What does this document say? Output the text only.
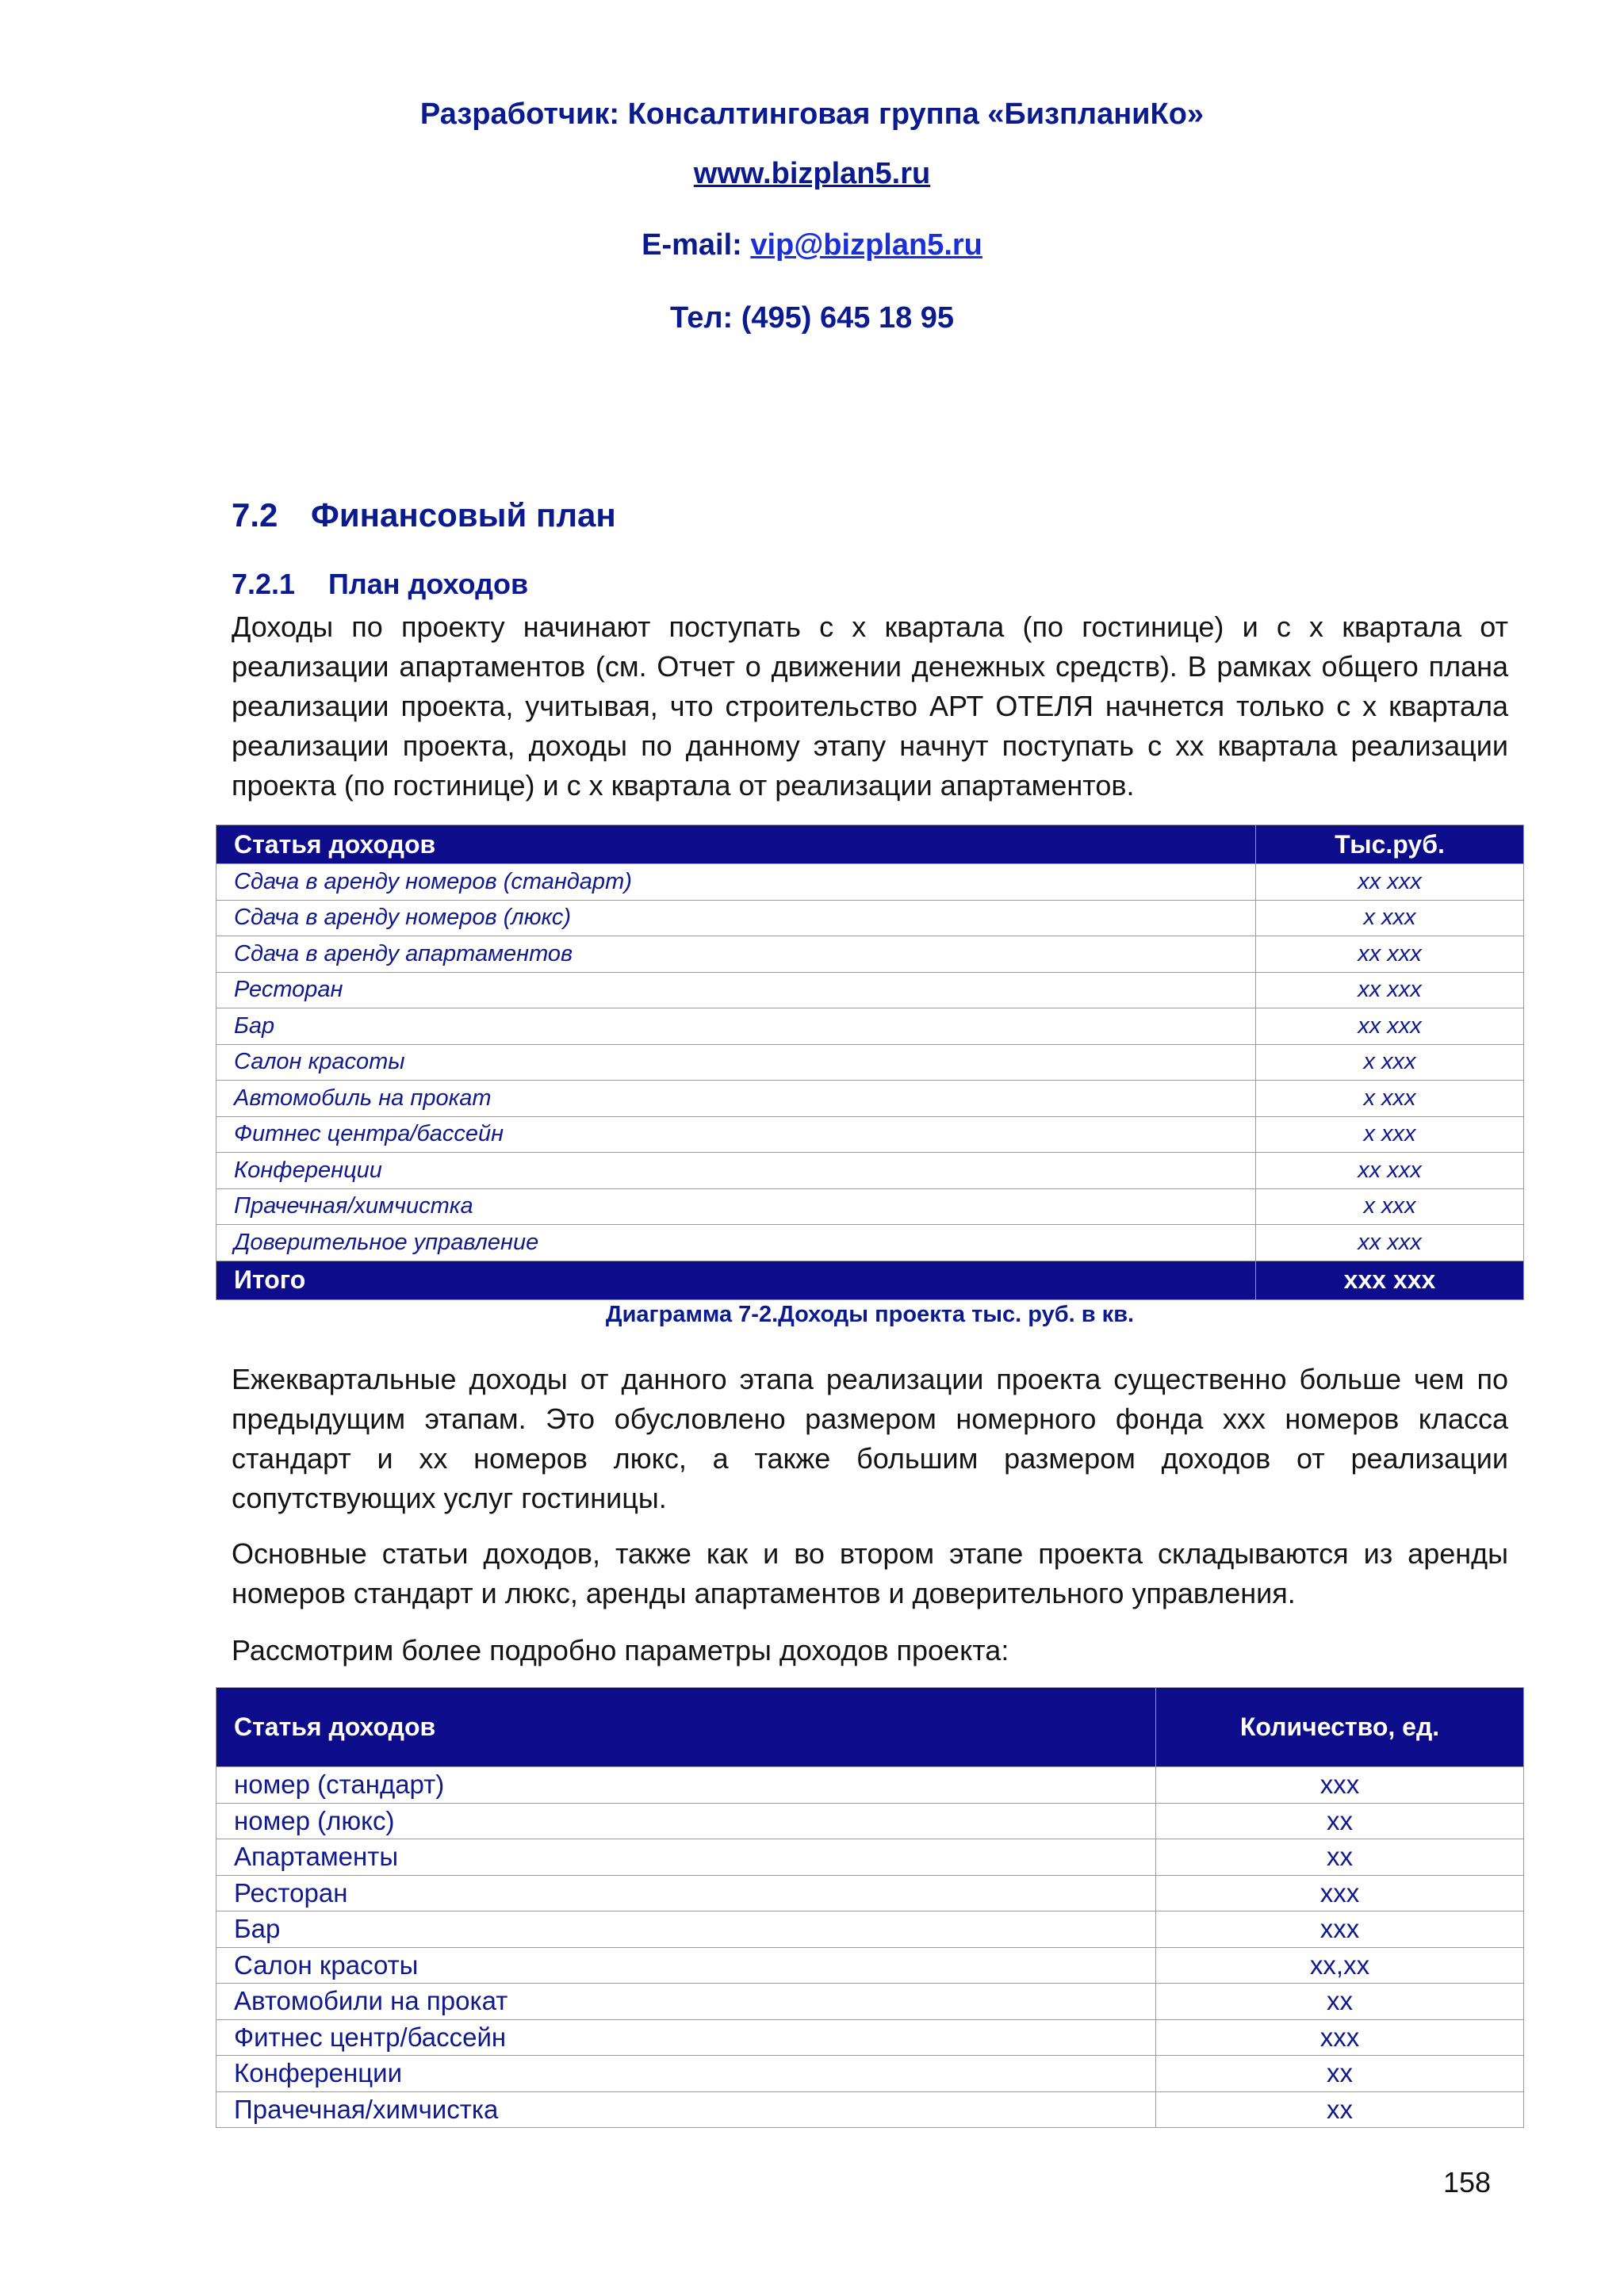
Разработчик: Консалтинговая группа «БизпланиКо»
www.bizplan5.ru
E-mail: vip@bizplan5.ru
Тел: (495) 645 18 95
7.2 Финансовый план
7.2.1 План доходов
Доходы по проекту начинают поступать с х квартала (по гостинице) и с х квартала от реализации апартаментов (см. Отчет о движении денежных средств). В рамках общего плана реализации проекта, учитывая, что строительство АРТ ОТЕЛЯ начнется только с х квартала реализации проекта, доходы по данному этапу начнут поступать с хх квартала реализации проекта (по гостинице) и с х квартала от реализации апартаментов.
Статья доходов	Тыс.руб.
Сдача в аренду номеров (стандарт)	хх ххх
Сдача в аренду номеров (люкс)	х ххх
Сдача в аренду апартаментов	хх ххх
Ресторан	хх ххх
Бар	хх ххх
Салон красоты	х ххх
Автомобиль на прокат	х ххх
Фитнес центра/бассейн	х ххх
Конференции	хх ххх
Прачечная/химчистка	х ххх
Доверительное управление	хх ххх
Итого	ххх ххх
Диаграмма 7-2.Доходы проекта тыс. руб. в кв.
Ежеквартальные доходы от данного этапа реализации проекта существенно больше чем по предыдущим этапам. Это обусловлено размером номерного фонда ххх номеров класса стандарт и хх номеров люкс, а также большим размером доходов от реализации сопутствующих услуг гостиницы.
Основные статьи доходов, также как и во втором этапе проекта складываются из аренды номеров стандарт и люкс, аренды апартаментов и доверительного управления.
Рассмотрим более подробно параметры доходов проекта:
Статья доходов	Количество, ед.
номер (стандарт)	ххх
номер (люкс)	хх
Апартаменты	хх
Ресторан	ххх
Бар	ххх
Салон красоты	хх,хх
Автомобили на прокат	хх
Фитнес центр/бассейн	ххх
Конференции	хх
Прачечная/химчистка	хх
158
